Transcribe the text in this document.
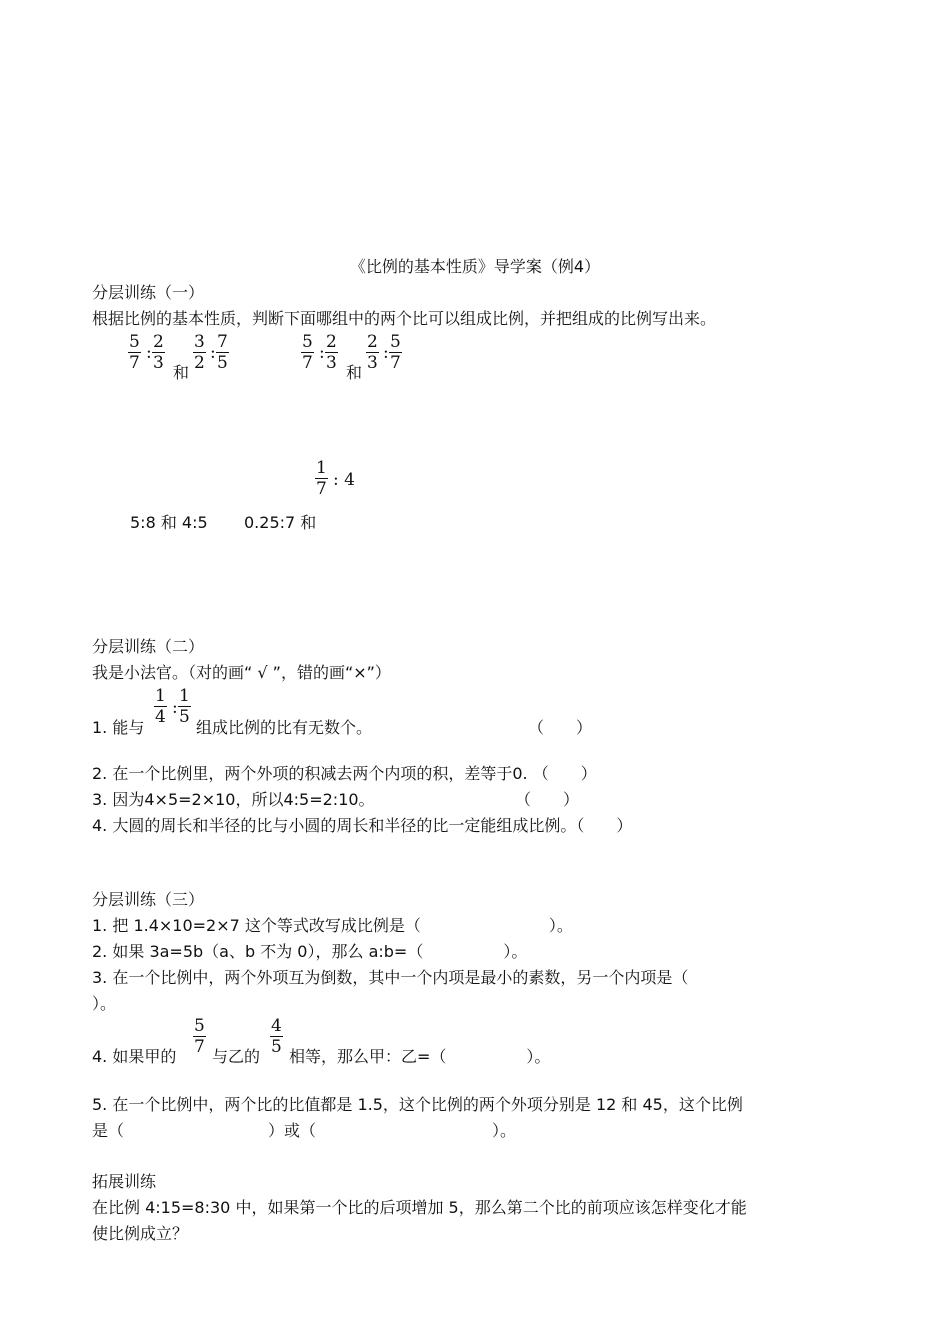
《比例的基本性质》导学案（例4）
分层训练（一）
根据比例的基本性质，判断下面哪组中的两个比可以组成比例，并把组成的比例写出来。
$\frac{5}{7}$ : $\frac{2}{3}$ 和 $\frac{3}{2}$ : $\frac{7}{5}$	$\frac{5}{7}$ : $\frac{2}{3}$ 和 $\frac{2}{3}$ : $\frac{5}{7}$
$\frac{1}{7}$ : 4
5:8 和 4:5 0.25:7 和
分层训练（二）
我是小法官。（对的画“ √ ”，错的画“×”）
1. 能与
$\frac{1}{4}$ : $\frac{1}{5}$
组成比例的比有无数个。	（　　）
2. 在一个比例里，两个外项的积减去两个内项的积，差等于0. （　　）
3. 因为4×5=2×10，所以4:5=2:10。	（　　）
4. 大圆的周长和半径的比与小圆的周长和半径的比一定能组成比例。（　　）
分层训练（三）
1. 把 1.4×10=2×7 这个等式改写成比例是（　　　　　　　　）。
2. 如果 3a=5b（a、b 不为 0），那么 a:b=（　　　　　）。
3. 在一个比例中，两个外项互为倒数，其中一个内项是最小的素数，另一个内项是（
）。
4. 如果甲的 $\frac{5}{7}$ 与乙的 $\frac{4}{5}$ 相等，那么甲：乙=（　　　　　）。
5. 在一个比例中，两个比的比值都是 1.5，这个比例的两个外项分别是 12 和 45，这个比例
是（　　　　　　　　　）或（　　　　　　　　　　　）。
拓展训练
在比例 4:15=8:30 中，如果第一个比的后项增加 5，那么第二个比的前项应该怎样变化才能
使比例成立？
